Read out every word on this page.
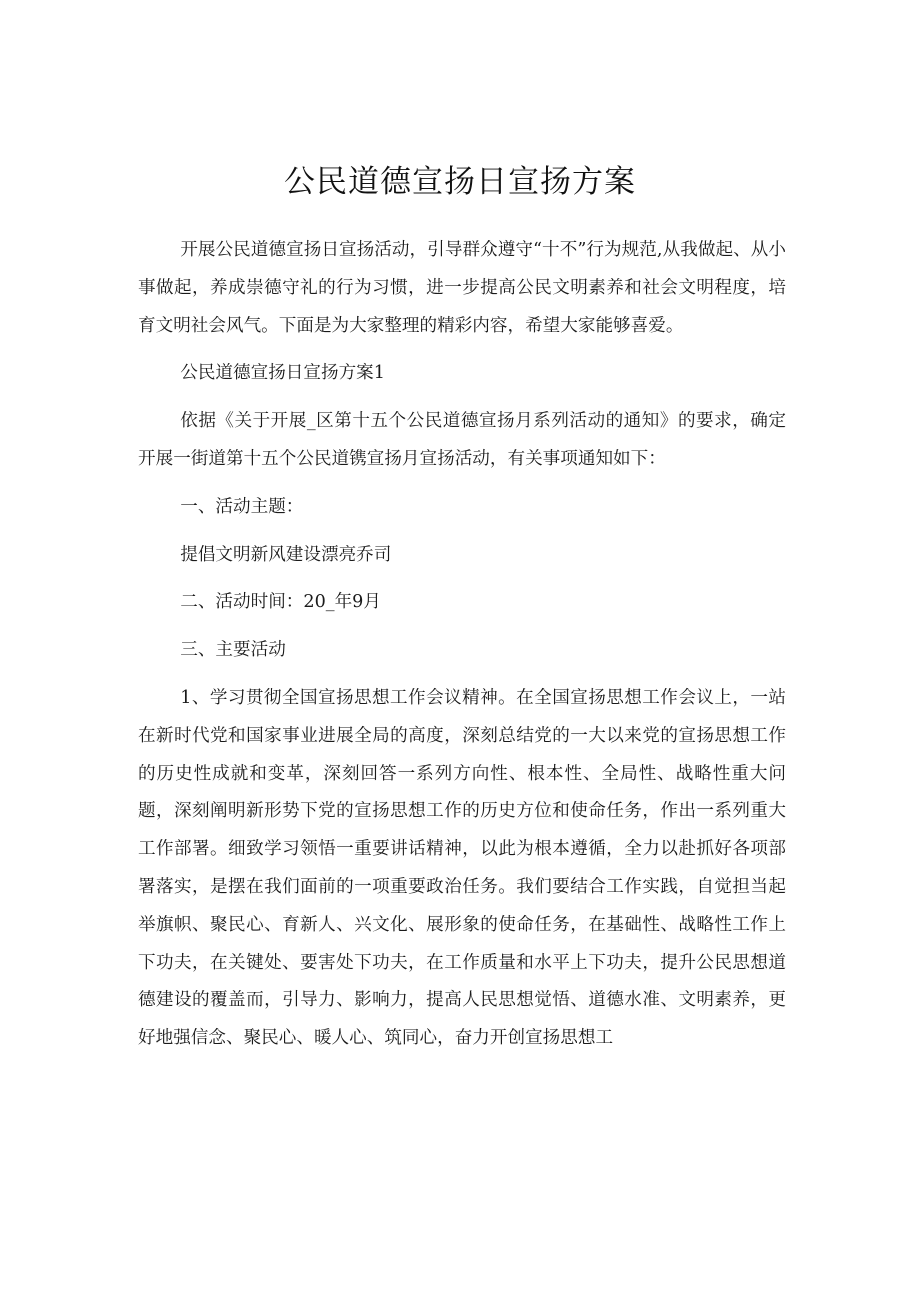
公民道德宣扬日宣扬方案

开展公民道德宣扬日宣扬活动，引导群众遵守“十不”行为规范,从我做起、从小事做起，养成崇德守礼的行为习惯，进一步提高公民文明素养和社会文明程度，培育文明社会风气。下面是为大家整理的精彩内容，希望大家能够喜爱。

公民道德宣扬日宣扬方案1

依据《关于开展_区第十五个公民道德宣扬月系列活动的通知》的要求，确定开展一街道第十五个公民道镌宣扬月宣扬活动，有关事项通知如下：

一、活动主题：

提倡文明新风建设漂亮乔司

二、活动时间：20_年9月

三、主要活动

1、学习贯彻全国宣扬思想工作会议精神。在全国宣扬思想工作会议上，一站在新时代党和国家事业进展全局的高度，深刻总结党的一大以来党的宣扬思想工作的历史性成就和变革，深刻回答一系列方向性、根本性、全局性、战略性重大问题，深刻阐明新形势下党的宣扬思想工作的历史方位和使命任务，作出一系列重大工作部署。细致学习领悟一重要讲话精神，以此为根本遵循，全力以赴抓好各项部署落实，是摆在我们面前的一项重要政治任务。我们要结合工作实践，自觉担当起举旗帜、聚民心、育新人、兴文化、展形象的使命任务，在基础性、战略性工作上下功夫，在关键处、要害处下功夫，在工作质量和水平上下功夫，提升公民思想道德建设的覆盖而，引导力、影响力，提高人民思想觉悟、道德水准、文明素养，更好地强信念、聚民心、暖人心、筑同心，奋力开创宣扬思想工
